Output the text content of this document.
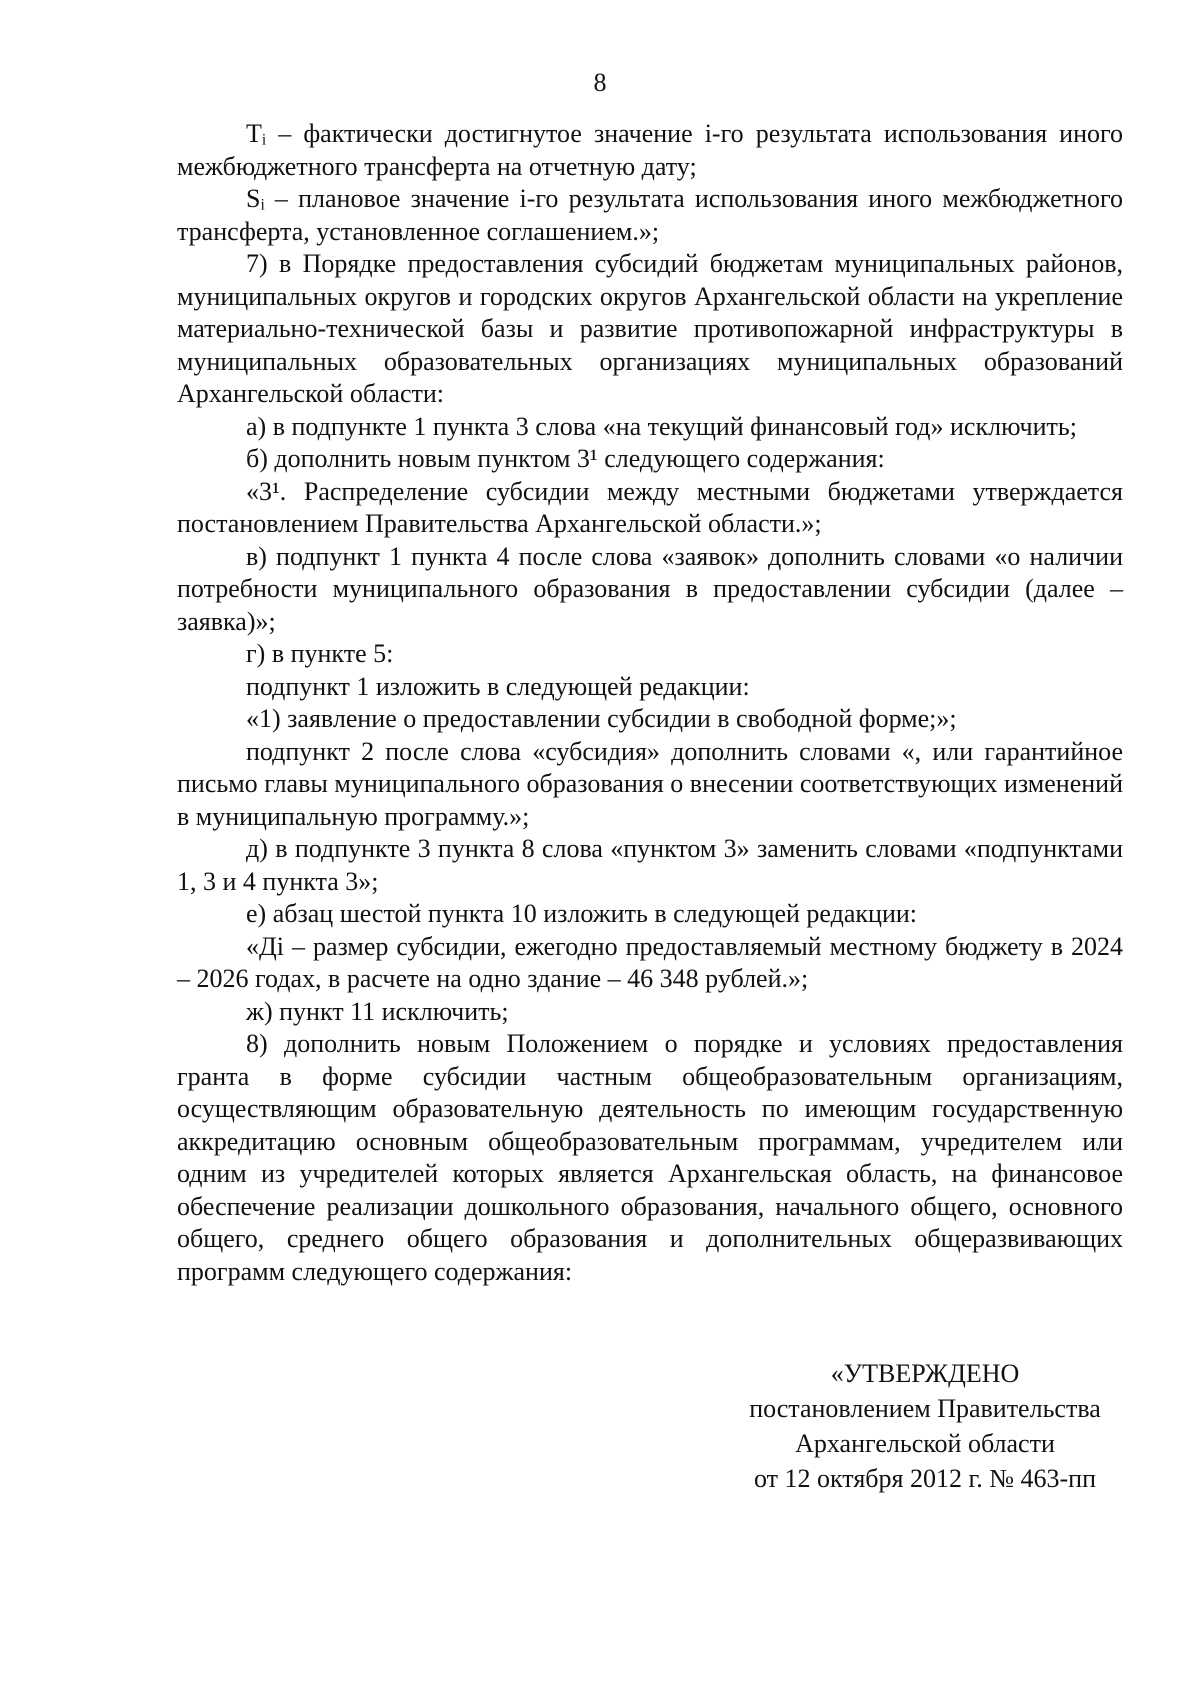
8

Tᵢ – фактически достигнутое значение i-го результата использования иного межбюджетного трансферта на отчетную дату;

Sᵢ – плановое значение i-го результата использования иного межбюджетного трансферта, установленное соглашением.»;

7) в Порядке предоставления субсидий бюджетам муниципальных районов, муниципальных округов и городских округов Архангельской области на укрепление материально-технической базы и развитие противопожарной инфраструктуры в муниципальных образовательных организациях муниципальных образований Архангельской области:

а) в подпункте 1 пункта 3 слова «на текущий финансовый год» исключить;

б) дополнить новым пунктом 3¹ следующего содержания:

«3¹. Распределение субсидии между местными бюджетами утверждается постановлением Правительства Архангельской области.»;

в) подпункт 1 пункта 4 после слова «заявок» дополнить словами «о наличии потребности муниципального образования в предоставлении субсидии (далее – заявка)»;

г) в пункте 5:

подпункт 1 изложить в следующей редакции:

«1) заявление о предоставлении субсидии в свободной форме;»;

подпункт 2 после слова «субсидия» дополнить словами «, или гарантийное письмо главы муниципального образования о внесении соответствующих изменений в муниципальную программу.»;

д) в подпункте 3 пункта 8 слова «пунктом 3» заменить словами «подпунктами 1, 3 и 4 пункта 3»;

е) абзац шестой пункта 10 изложить в следующей редакции:

«Дi – размер субсидии, ежегодно предоставляемый местному бюджету в 2024 – 2026 годах, в расчете на одно здание – 46 348 рублей.»;

ж) пункт 11 исключить;

8) дополнить новым Положением о порядке и условиях предоставления гранта в форме субсидии частным общеобразовательным организациям, осуществляющим образовательную деятельность по имеющим государственную аккредитацию основным общеобразовательным программам, учредителем или одним из учредителей которых является Архангельская область, на финансовое обеспечение реализации дошкольного образования, начального общего, основного общего, среднего общего образования и дополнительных общеразвивающих программ следующего содержания:

«УТВЕРЖДЕНО
постановлением Правительства
Архангельской области
от 12 октября 2012 г. № 463-пп
